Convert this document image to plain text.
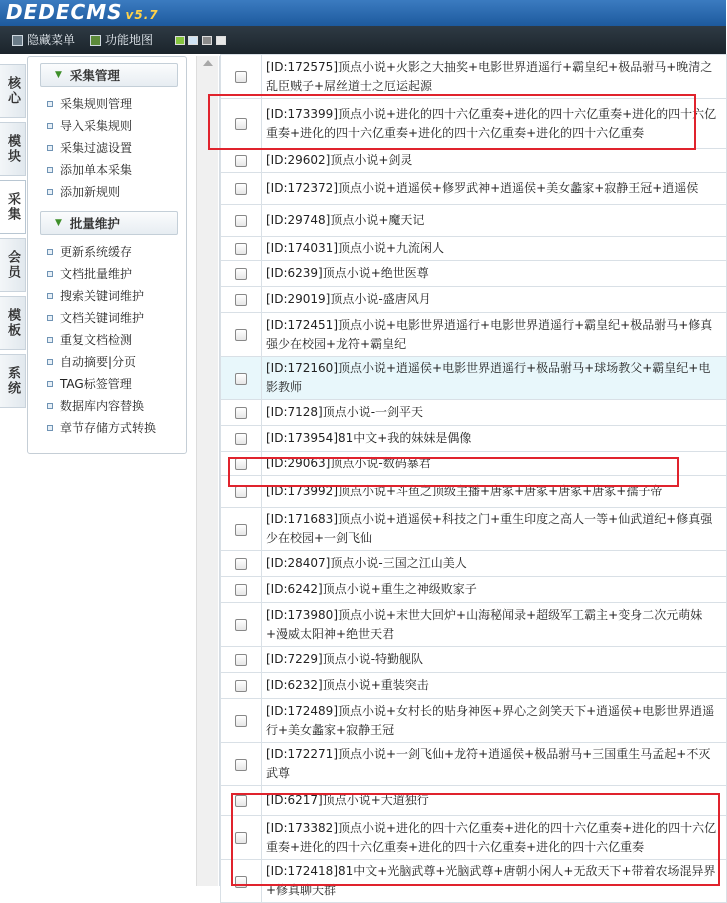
DEDECMS v5.7
隐藏菜单 功能地图
核心
模块
采集
会员
模板
系统
▼ 采集管理
采集规则管理
导入采集规则
采集过滤设置
添加单本采集
添加新规则
▼ 批量维护
更新系统缓存
文档批量维护
搜索关键词维护
文档关键词维护
重复文档检测
自动摘要|分页
TAG标签管理
数据库内容替换
章节存储方式转换
	[ID:172575]顶点小说+火影之大抽奖+电影世界逍遥行+霸皇纪+极品驸马+晚清之乱臣贼子+屌丝道士之厄运起源
	[ID:173399]顶点小说+进化的四十六亿重奏+进化的四十六亿重奏+进化的四十六亿重奏+进化的四十六亿重奏+进化的四十六亿重奏+进化的四十六亿重奏
	[ID:29602]顶点小说+剑灵
	[ID:172372]顶点小说+逍遥侯+修罗武神+逍遥侯+美女蠡家+寂静王冠+逍遥侯
	[ID:29748]顶点小说+魔天记
	[ID:174031]顶点小说+九流闲人
	[ID:6239]顶点小说+绝世医尊
	[ID:29019]顶点小说-盛唐风月
	[ID:172451]顶点小说+电影世界逍遥行+电影世界逍遥行+霸皇纪+极品驸马+修真强少在校园+龙符+霸皇纪
	[ID:172160]顶点小说+逍遥侯+电影世界逍遥行+极品驸马+球场教父+霸皇纪+电影教师
	[ID:7128]顶点小说-一剑平天
	[ID:173954]81中文+我的妹妹是偶像
	[ID:29063]顶点小说-数码暴君
	[ID:173992]顶点小说+斗鱼之顶级主播+唐冢+唐冢+唐冢+唐冢+孺子帝
	[ID:171683]顶点小说+逍遥侯+科技之门+重生印度之高人一等+仙武道纪+修真强少在校园+一剑飞仙
	[ID:28407]顶点小说-三国之江山美人
	[ID:6242]顶点小说+重生之神级败家子
	[ID:173980]顶点小说+末世大回炉+山海秘闻录+超级军工霸主+变身二次元萌妹+漫威太阳神+绝世天君
	[ID:7229]顶点小说-特勤舰队
	[ID:6232]顶点小说+重装突击
	[ID:172489]顶点小说+女村长的贴身神医+界心之剑笑天下+逍遥侯+电影世界逍遥行+美女蠡家+寂静王冠
	[ID:172271]顶点小说+一剑飞仙+龙符+逍遥侯+极品驸马+三国重生马孟起+不灭武尊
	[ID:6217]顶点小说+大道独行
	[ID:173382]顶点小说+进化的四十六亿重奏+进化的四十六亿重奏+进化的四十六亿重奏+进化的四十六亿重奏+进化的四十六亿重奏+进化的四十六亿重奏
	[ID:172418]81中文+光脑武尊+光脑武尊+唐朝小闲人+无敌天下+带着农场混异界+修真聊天群
